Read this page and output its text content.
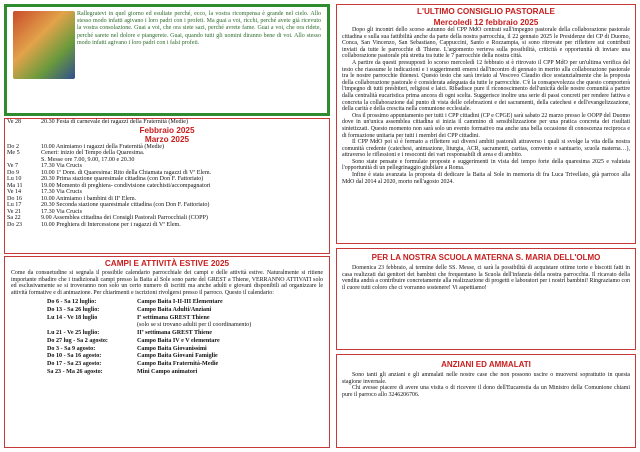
Rallegratevi in quel giorno ed esultate perché, ecco, la vostra ricompensa è grande nel cielo. Allo stesso modo infatti agivano i loro padri con i profeti. Ma guai a voi, ricchi, perché avete già ricevuto la vostra consolazione. Guai a voi, che ora siete sazi, perché avrete fame. Guai a voi, che ora ridete, perché sarete nel dolore e piangerete. Guai, quando tutti gli uomini diranno bene di voi. Allo stesso modo infatti agivano i loro padri con i falsi profeti.
Ve 28	20.30 Festa di carnevale dei ragazzi della Fraternità (Medie)
Febbraio 2025
Marzo 2025
Do 2	10.00 Animiamo i ragazzi della Fraternità (Medie)
Me 5	Ceneri: inizio del Tempo della Quaresima.
S. Messe ore 7.00, 9.00, 17.00 e 20.30
Ve 7	17.30 Via Crucis
Do 9	10.00 1ª Dom. di Quaresima: Rito della Chiamata ragazzi di Vª Elem.
Lu 10	20.30 Prima stazione quaresimale cittadina (con Don F. Fattoriato)
Ma 11	19.00 Momento di preghiera- condivisione catechisti/accompagnatori
Ve 14	17.30 Via Crucis
Do 16	10.00 Animiamo i bambini di IIª Elem.
Lu 17	20.30 Seconda stazione quaresimale cittadina (con Don F. Fattoriato)
Ve 21	17.30 Via Crucis
Sa 22	9.00 Assemblea cittadina dei Consigli Pastorali Parrocchiali (COPP)
Do 23	10.00 Preghiera di Intercessione per i ragazzi di Vª Elem.
CAMPI E ATTIVITÀ ESTIVE 2025
Come da consuetudine si segnala il possibile calendario parrocchiale dei campi e delle attività estive. Naturalmente si ritiene importante ribadire che i tradizionali campi presso la Baita al Sole sono parte del GREST a Thiene, VERRANNO ATTIVATI solo ed esclusivamente se si troveranno non solo un certo numero di iscritti ma anche adulti e giovani disponibili ad organizzare le attività formative e di animazione. Per chiarimenti e iscrizioni rivolgersi presso il parroco. Questo il calendario:
Do 6 - Sa 12 luglio:	Campo Baita I-II-III Elementare
Do 13 - Sa 26 luglio:	Campo Baita Adulti/Anziani
Lu 14 - Ve 18 luglio	Iª settimana GREST Thiene
	(solo se si trovano adulti per il coordinamento)
Lu 21 - Ve 25 luglio:	IIª settimana GREST Thiene
Do 27 lug - Sa 2 agosto:	Campo Baita IV e V elementare
Do 3 - Sa 9 agosto:	Campo Baita Giovanissimi
Do 10 - Sa 16 agosto:	Campo Baita Giovani Famiglie
Do 17 - Sa 23 agosto:	Campo Baita Fraternità-Medie
Sa 23 - Ma 26 agosto:	Mini Campo animatori
L'ULTIMO CONSIGLIO PASTORALE
Mercoledì 12 febbraio 2025

Dopo gli incontri dello scorso autunno del CPP MdO centrati sull'impegno pastorale della collaborazione pastorale cittadina e sulla sua fattibilità anche da parte della nostra parrocchia, il 22 gennaio 2025 le Presidenze dei CP di Duomo, Conca, San Vincenzo, San Sebastiano, Cappuccini, Santo e Rozzampia, si sono ritrovate per riflettere sui contributi inviati da tutte le parrocchie di Thiene. L'argomento verteva sulla possibilità, criticità e opportunità di inviare una collaborazione pastorale più stretta tra tutte le 7 parrocchie della nostra città.

A partire da questi presupposti lo scorso mercoledì 12 febbraio si è ritrovato il CPP MdO per un'ultima verifica del testo che riassume le indicazioni e i suggerimenti emersi dall'incontro di gennaio in merito alla collaborazione pastorale tra le nostre parrocchie thienesi. Questo testo che sarà inviato al Vescovo Claudio dice sostanzialmente che la proposta della collaborazione pastorale è considerata adeguata da tutte le parrocchie. C'è la consapevolezza che questo comporterà l'impegno di tutti presbiteri, religiosi e laici. Ribadisce pure il riconoscimento dell'unicità delle nostre comunità a partire dalla centralità eucaristica prima ancora di ogni scelta. Suggerisce inoltre una serie di passi concreti per rendere fattiva e concreta la collaborazione dal punto di vista delle celebrazioni e dei sacramenti, della catechesi e dell'evangelizzazione, della carità e della crescita nella comunione ecclesiale.

Ora il prossimo appuntamento per tutti i CPP cittadini (CP e CPGE) sarà sabato 22 marzo presso le OOPP del Duomo dove in un'unica assemblea cittadina si inizia il cammino di sensibilizzazione per una pratica concreta dei risultati sintetizzati. Questo momento non sarà solo un evento formativo ma anche una bella occasione di conoscenza reciproca e di formazione unitaria per tutti i membri dei CPP cittadini.

Il CPP MdO poi si è fermato a riflettere sui diversi ambiti pastorali attraverso i quali si svolge la vita della nostra comunità credente (catechesi, animazione, liturgia, ACR, sacramenti, caritas, convento e santuario, scuola materna…), attraverso le riflessioni e i resoconti dei vari responsabili di area e di ambito.

Sono state pensate e formulate proposte e suggerimenti in vista del tempo forte della quaresima 2025 e valutata l'opportunità di un pellegrinaggio giubilare a Roma.

Infine è stata avanzata la proposta di dedicare la Baita al Sole in memoria di fra Luca Trivellato, già parroco alla MdO dal 2014 al 2020, morto nell'agosto 2024.

PER LA NOSTRA SCUOLA MATERNA S. MARIA DELL'OLMO

Domenica 23 febbraio, al termine delle SS. Messe, ci sarà la possibilità di acquistare ottime torte e biscotti fatti in casa realizzati dai genitori dei bambini che frequentano la Scuola dell'infanzia della nostra parrocchia. Il ricavato della vendita andrà a contribuire concretamente alla realizzazione di progetti e laboratori per i nostri bambini! Ringraziamo con il cuore tutti coloro che ci vorranno sostenere! Vi aspettiamo!

ANZIANI ED AMMALATI

Sono tanti gli anziani e gli ammalati nelle nostre case che non possono uscire o muoversi soprattutto in questa stagione invernale.

Chi avesse piacere di avere una visita o di ricevere il dono dell'Eucarestia da un Ministro della Comunione chiami pure il parroco allo 3246206706.
